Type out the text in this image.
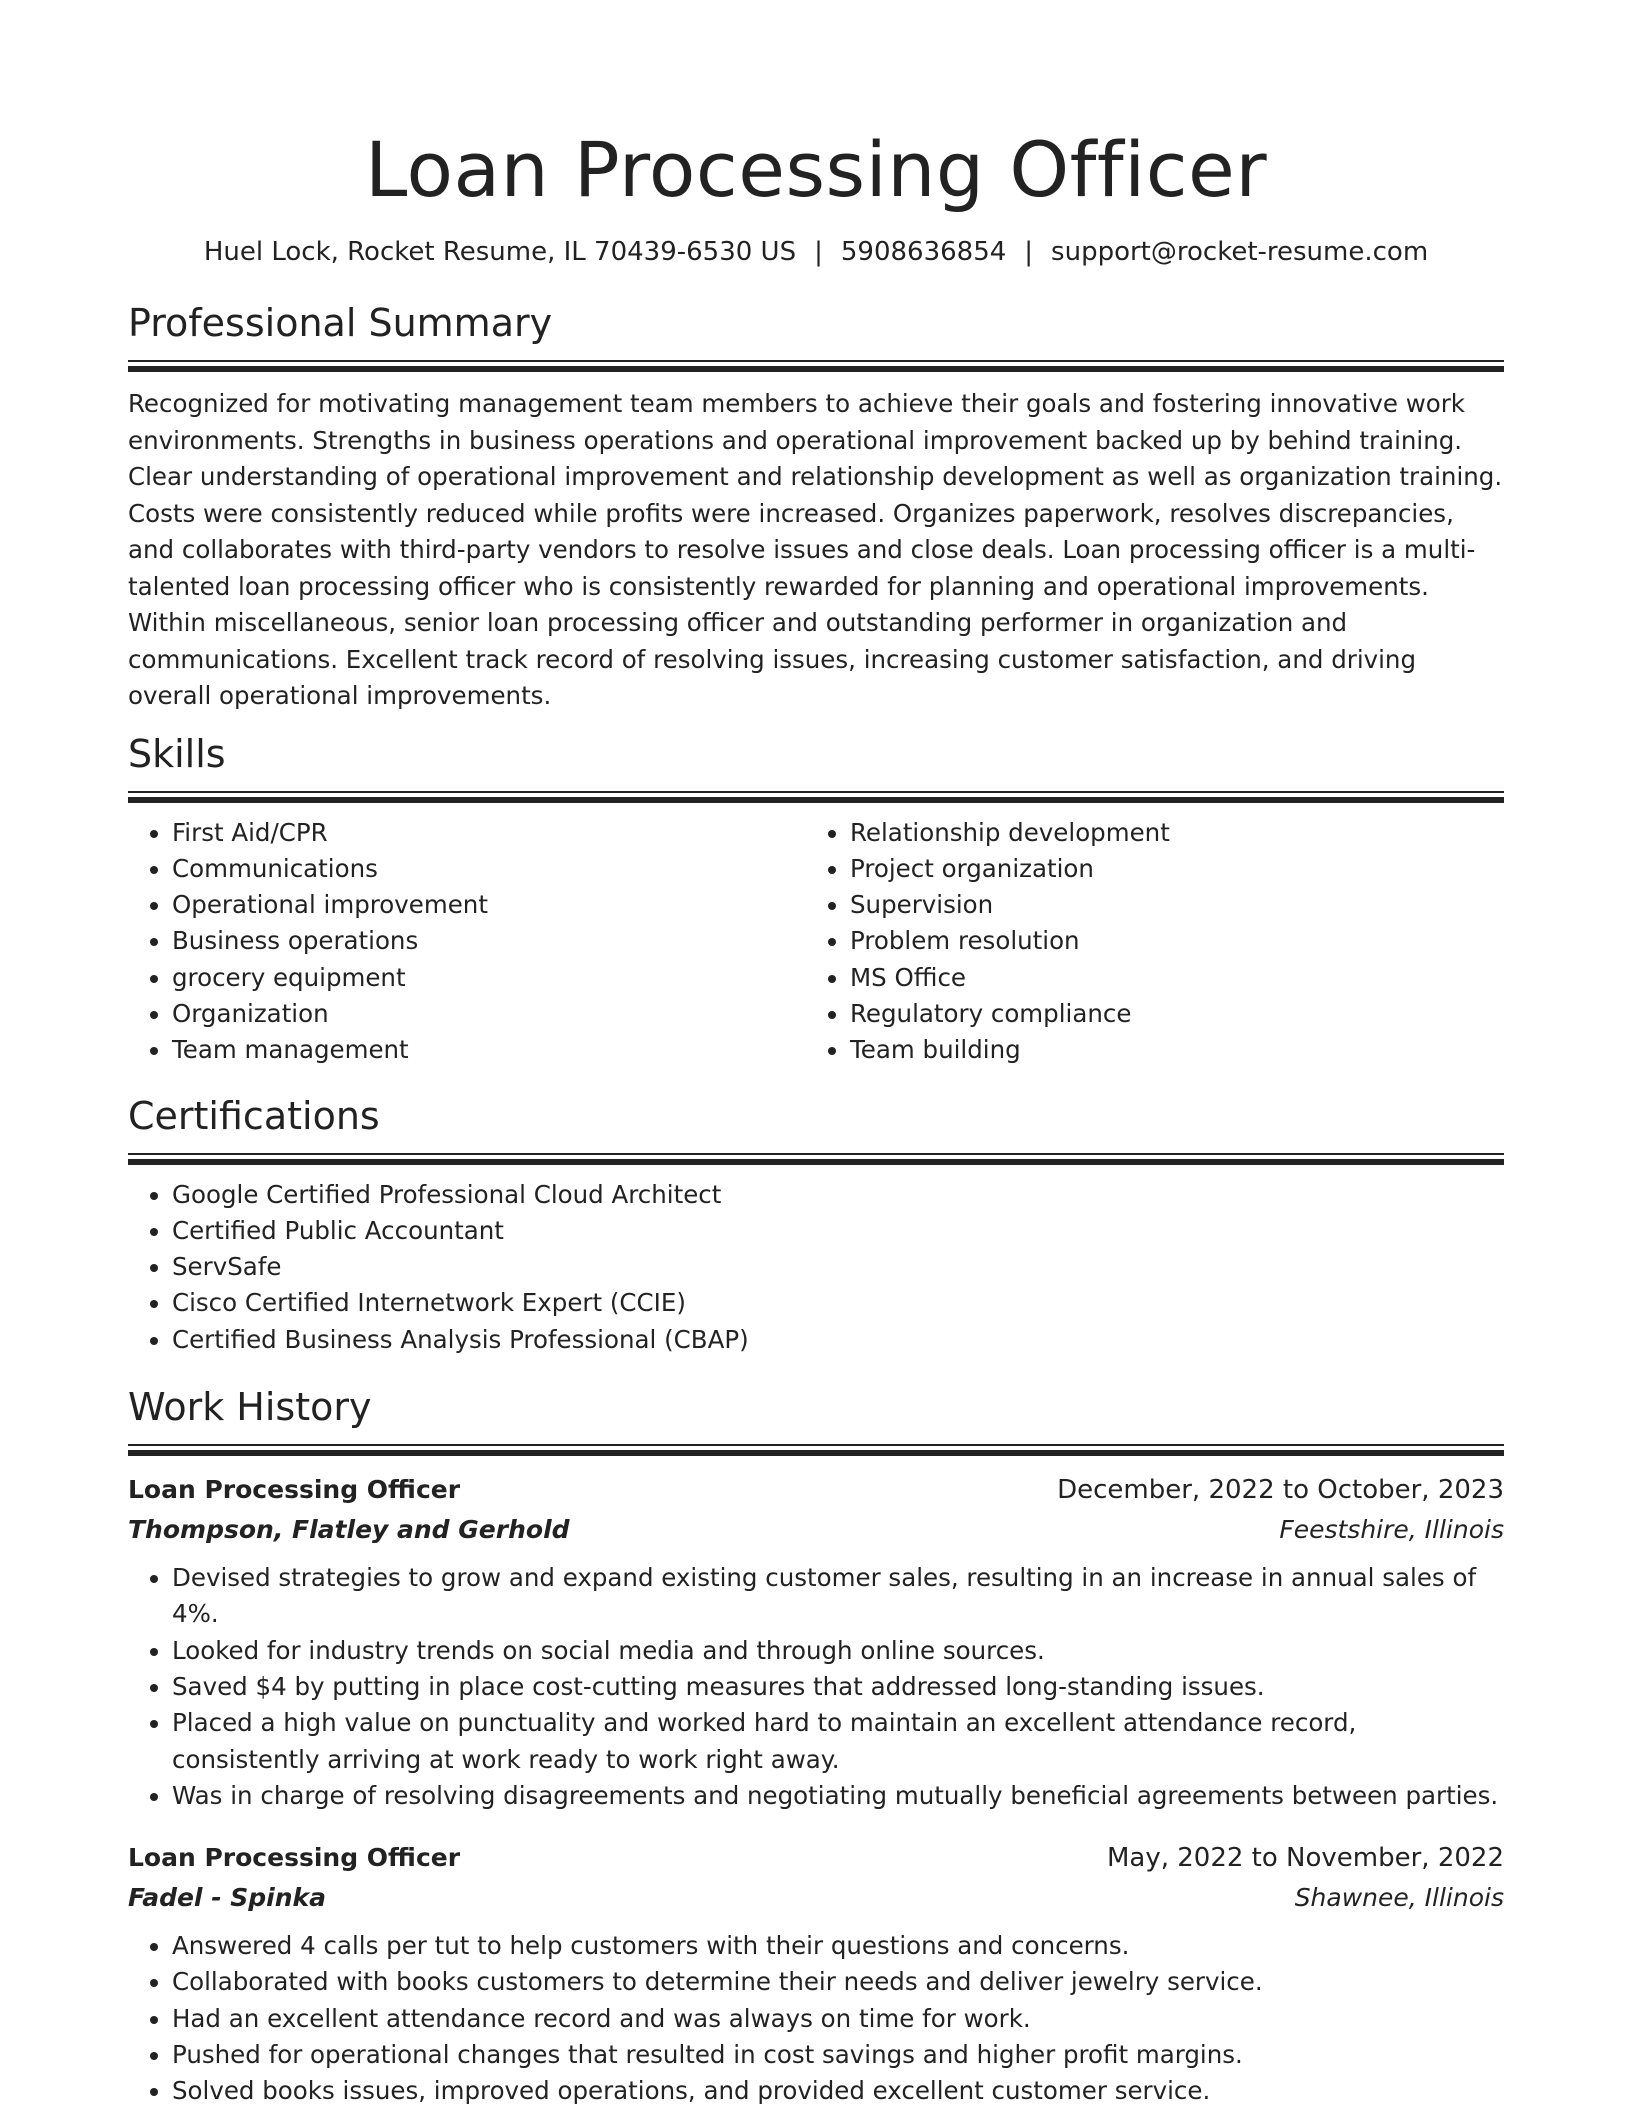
Loan Processing Officer
Huel Lock, Rocket Resume, IL 70439-6530 US | 5908636854 | support@rocket-resume.com
Professional Summary

Recognized for motivating management team members to achieve their goals and fostering innovative work environments. Strengths in business operations and operational improvement backed up by behind training. Clear understanding of operational improvement and relationship development as well as organization training. Costs were consistently reduced while profits were increased. Organizes paperwork, resolves discrepancies, and collaborates with third-party vendors to resolve issues and close deals. Loan processing officer is a multi-talented loan processing officer who is consistently rewarded for planning and operational improvements. Within miscellaneous, senior loan processing officer and outstanding performer in organization and communications. Excellent track record of resolving issues, increasing customer satisfaction, and driving overall operational improvements.

Skills
• First Aid/CPR
• Communications
• Operational improvement
• Business operations
• grocery equipment
• Organization
• Team management
• Relationship development
• Project organization
• Supervision
• Problem resolution
• MS Office
• Regulatory compliance
• Team building
Certifications
• Google Certified Professional Cloud Architect
• Certified Public Accountant
• ServSafe
• Cisco Certified Internetwork Expert (CCIE)
• Certified Business Analysis Professional (CBAP)
Work History
Loan Processing Officer	December, 2022 to October, 2023
Thompson, Flatley and Gerhold	Feestshire, Illinois
• Devised strategies to grow and expand existing customer sales, resulting in an increase in annual sales of 4%.
• Looked for industry trends on social media and through online sources.
• Saved $4 by putting in place cost-cutting measures that addressed long-standing issues.
• Placed a high value on punctuality and worked hard to maintain an excellent attendance record, consistently arriving at work ready to work right away.
• Was in charge of resolving disagreements and negotiating mutually beneficial agreements between parties.
Loan Processing Officer	May, 2022 to November, 2022
Fadel - Spinka	Shawnee, Illinois
• Answered 4 calls per tut to help customers with their questions and concerns.
• Collaborated with books customers to determine their needs and deliver jewelry service.
• Had an excellent attendance record and was always on time for work.
• Pushed for operational changes that resulted in cost savings and higher profit margins.
• Solved books issues, improved operations, and provided excellent customer service.
